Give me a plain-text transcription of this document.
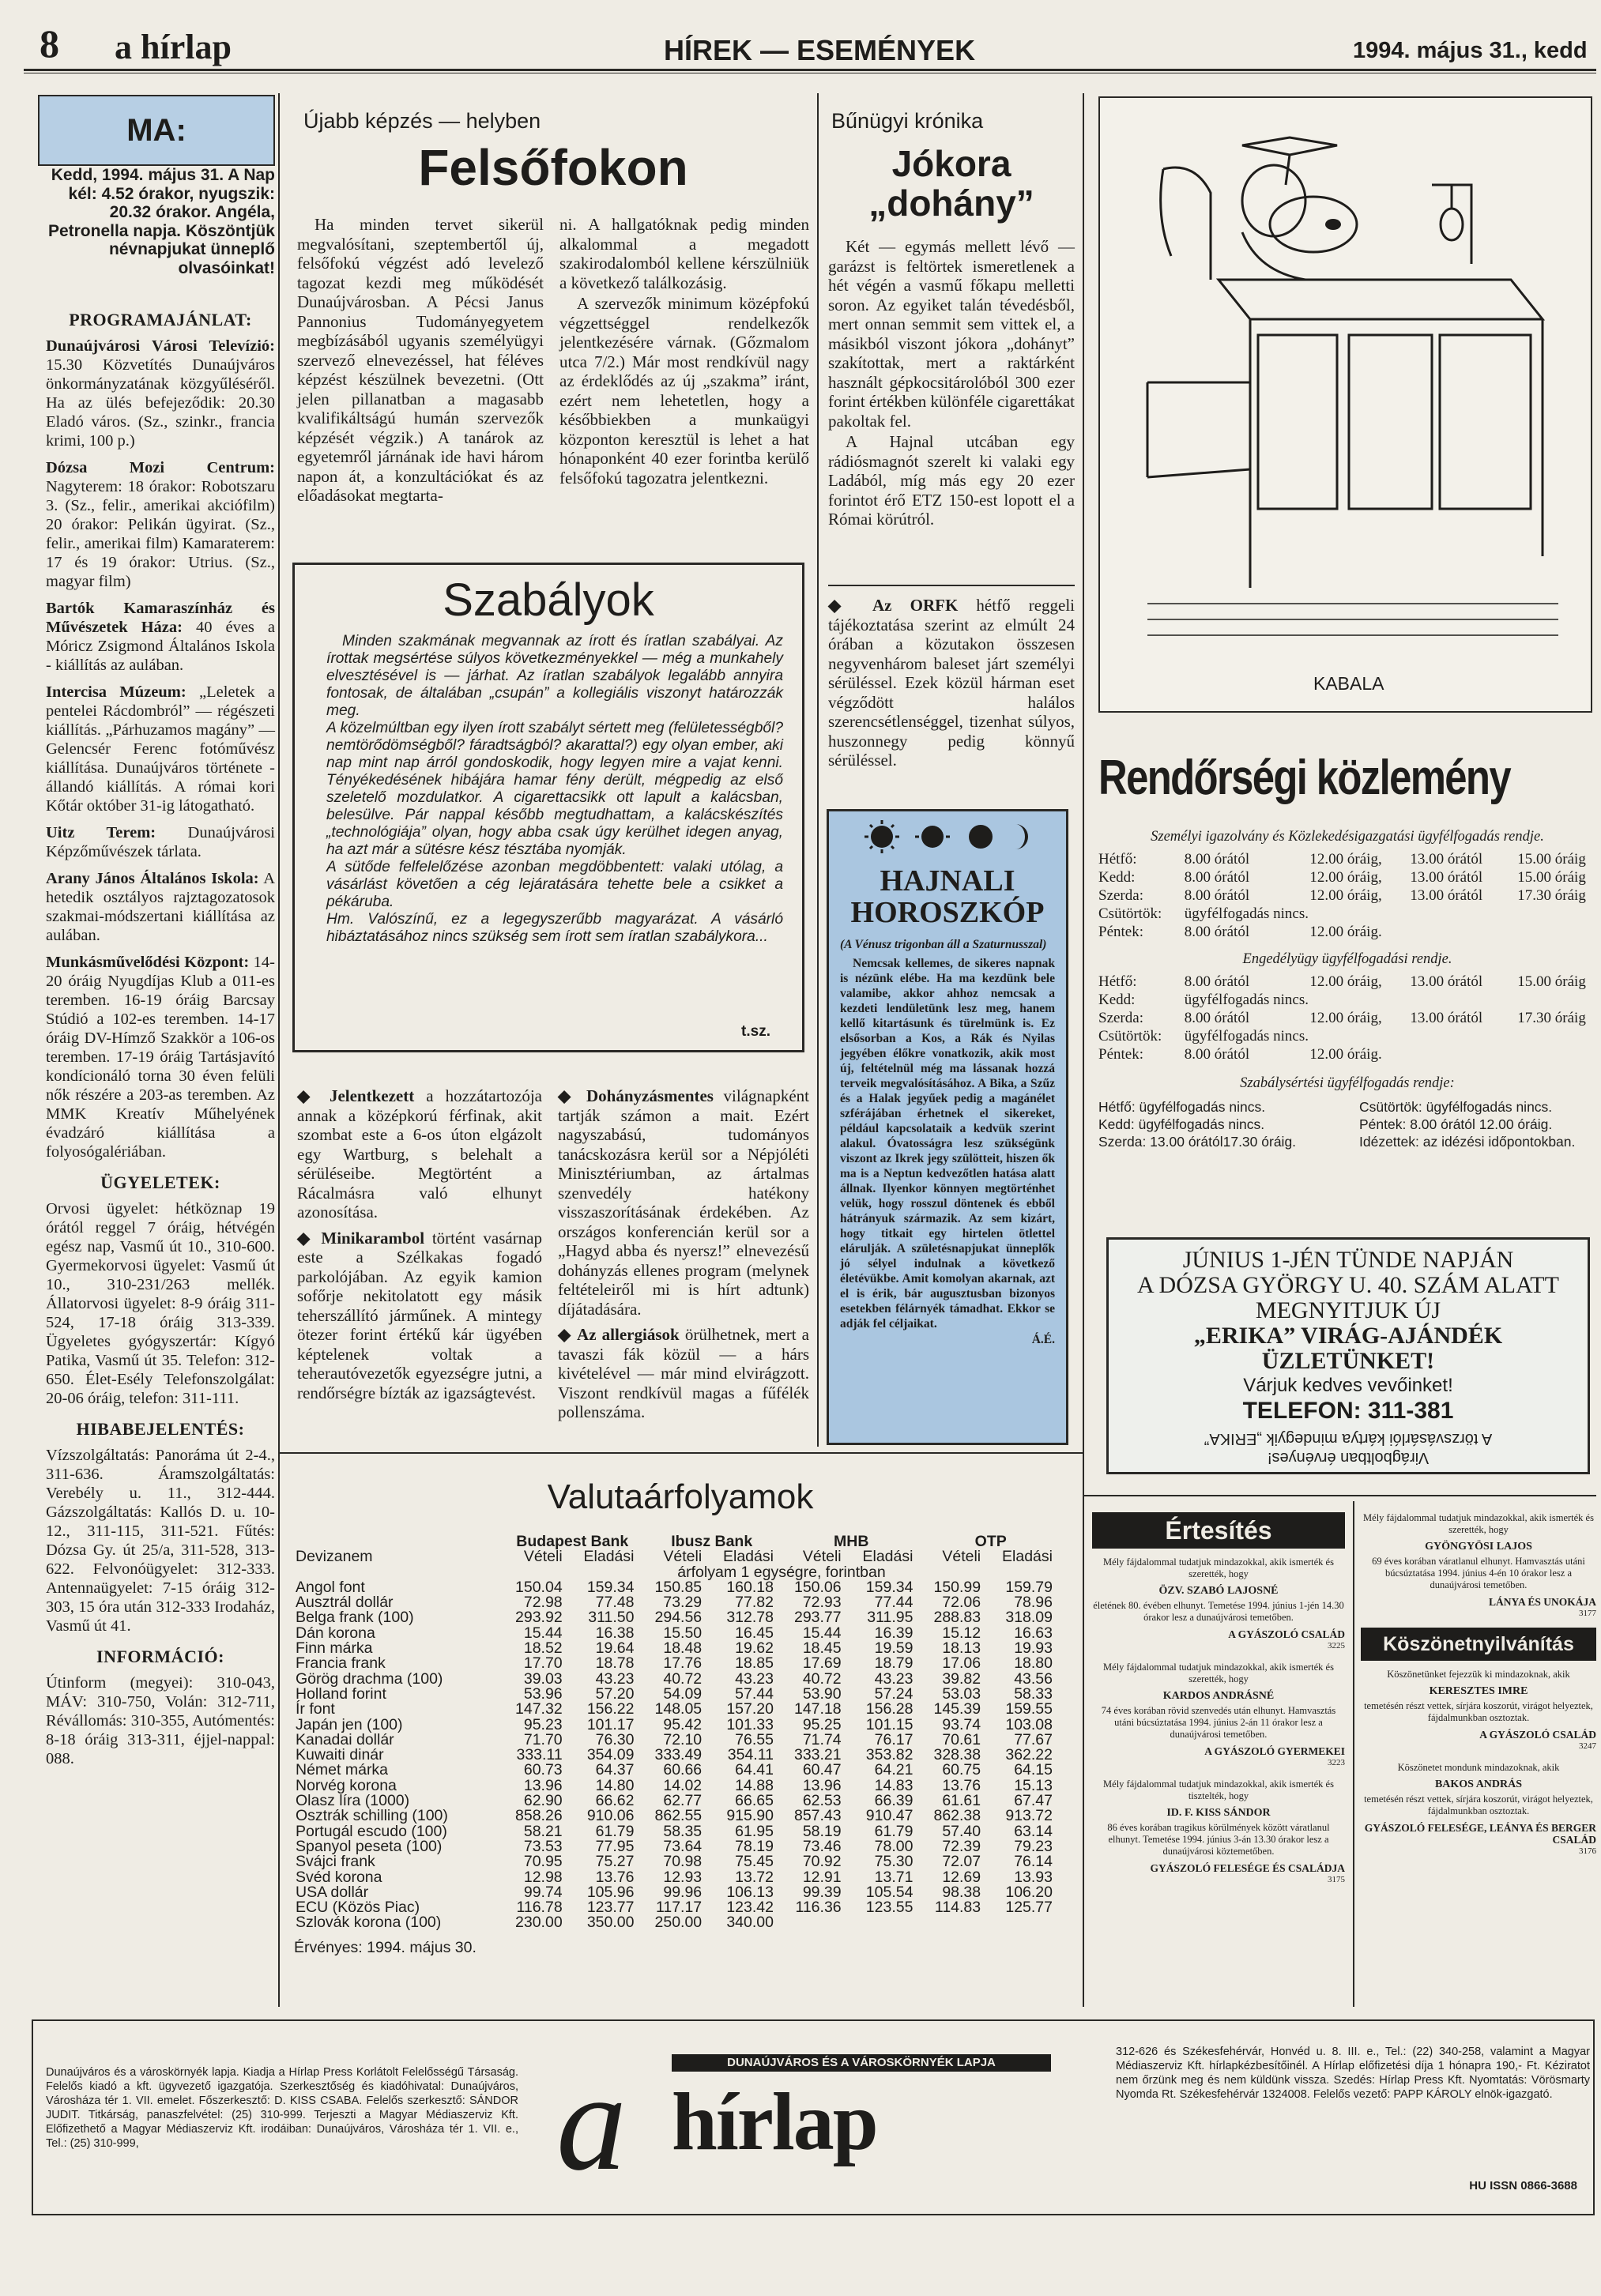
8 a hírlap	HÍREK — ESEMÉNYEK	1994. május 31., kedd
MA:
Kedd, 1994. május 31. A Nap kél: 4.52 órakor, nyugszik: 20.32 órakor. Angéla, Petronella napja. Köszöntjük névnapjukat ünneplő olvasóinkat!
PROGRAMAJÁNLAT:
Dunaújvárosi Városi Televízió: 15.30 Közvetítés Dunaújváros önkormányzatának közgyűléséről. Ha az ülés befejeződik: 20.30 Eladó város. (Sz., szinkr., francia krimi, 100 p.)
Dózsa Mozi Centrum: Nagyterem: 18 órakor: Robotszaru 3. (Sz., felir., amerikai akciófilm) 20 órakor: Pelikán ügyirat. (Sz., felir., amerikai film) Kamaraterem: 17 és 19 órakor: Utrius. (Sz., magyar film)
Bartók Kamaraszínház és Művészetek Háza: 40 éves a Móricz Zsigmond Általános Iskola - kiállítás az aulában.
Intercisa Múzeum: „Leletek a pentelei Rácdombról” — régészeti kiállítás. „Párhuzamos magány” — Gelencsér Ferenc fotóművész kiállítása. Dunaújváros története - állandó kiállítás. A római kori Kőtár október 31-ig látogatható.
Uitz Terem: Dunaújvárosi Képzőművészek tárlata.
Arany János Általános Iskola: A hetedik osztályos rajztagozatosok szakmai-módszertani kiállítása az aulában.
Munkásművelődési Központ: 14-20 óráig Nyugdíjas Klub a 011-es teremben. 16-19 óráig Barcsay Stúdió a 102-es teremben. 14-17 óráig DV-Hímző Szakkör a 106-os teremben. 17-19 óráig Tartásjavító kondícionáló torna 30 éven felüli nők részére a 203-as teremben. Az MMK Kreatív Műhelyének évadzáró kiállítása a folyosógalériában.
ÜGYELETEK:
Orvosi ügyelet: hétköznap 19 órától reggel 7 óráig, hétvégén egész nap, Vasmű út 10., 310-600. Gyermekorvosi ügyelet: Vasmű út 10., 310-231/263 mellék. Állatorvosi ügyelet: 8-9 óráig 311-524, 17-18 óráig 313-339. Ügyeletes gyógyszertár: Kígyó Patika, Vasmű út 35. Telefon: 312-650. Élet-Esély Telefonszolgálat: 20-06 óráig, telefon: 311-111.
HIBABEJELENTÉS:
Vízszolgáltatás: Panoráma út 2-4., 311-636. Áramszolgáltatás: Verebély u. 11., 312-444. Gázszolgáltatás: Kallós D. u. 10-12., 311-115, 311-521. Fűtés: Dózsa Gy. út 25/a, 311-528, 313-622. Felvonóügyelet: 312-333. Antennaügyelet: 7-15 óráig 312-303, 15 óra után 312-333 Irodaház, Vasmű út 41.
INFORMÁCIÓ:
Útinform (megyei): 310-043, MÁV: 310-750, Volán: 312-711, Révállomás: 310-355, Autómentés: 8-18 óráig 313-311, éjjel-nappal: 088.
Újabb képzés — helyben
Felsőfokon
Ha minden tervet sikerül megvalósítani, szeptembertől új, felsőfokú végzést adó levelező tagozat kezdi meg működését Dunaújvárosban. A Pécsi Janus Pannonius Tudományegyetem megbízásából ugyanis személyügyi szervező elnevezéssel, hat féléves képzést készülnek bevezetni. (Ott jelen pillanatban a magasabb kvalifikáltságú humán szervezők képzését végzik.) A tanárok az egyetemről járnának ide havi három napon át, a konzultációkat és az előadásokat megtarta-

ni. A hallgatóknak pedig minden alkalommal a megadott szakirodalomból kellene kérszülniük a következő találkozásig.

A szervezők minimum középfokú végzettséggel rendelkezők jelentkezésére várnak. (Gőzmalom utca 7/2.) Már most rendkívül nagy az érdeklődés az új „szakma” iránt, ezért nem lehetetlen, hogy a későbbiekben a munkaügyi központon keresztül is lehet a hat hónaponként 40 ezer forintba kerülő felsőfokú tagozatra jelentkezni.

Szabályok
Minden szakmának megvannak az írott és íratlan szabályai. Az írottak megsértése súlyos következményekkel — még a munkahely elvesztésével is — járhat. Az íratlan szabályok legalább annyira fontosak, de általában „csupán” a kollegiális viszonyt határozzák meg.
A közelmúltban egy ilyen írott szabályt sértett meg (felületességből? nemtörődömségből? fáradtságból? akarattal?) egy olyan ember, aki nap mint nap árról gondoskodik, hogy legyen mire a vajat kenni. Tényékedésének hibájára hamar fény derült, mégpedig az első szeletelő mozdulatkor. A cigarettacsikk ott lapult a kalácsban, belesülve. Pár nappal később megtudhattam, a kalácskészítés „technológiája” olyan, hogy abba csak úgy kerülhet idegen anyag, ha azt már a sütésre kész tésztába nyomják.
A sütőde felfelelőzése azonban megdöbbentett: valaki utólag, a vásárlást követően a cég lejáratására tehette bele a csikket a pékáruba.
Hm. Valószínű, ez a legegyszerűbb magyarázat. A vásárló hibáztatásához nincs szükség sem írott sem íratlan szabálykora...
t.sz.

◆ Jelentkezett a hozzátartozója annak a középkorú férfinak, akit szombat este a 6-os úton elgázolt egy Wartburg, s belehalt a sérüléseibe. Megtörtént a Rácalmásra való elhunyt azonosítása.

◆ Minikarambol történt vasárnap este a Szélkakas fogadó parkolójában. Az egyik kamion sofőrje nekitolatott egy másik teherszállító járműnek. A mintegy ötezer forint értékű kár ügyében képtelenek voltak a teherautóvezetők egyezségre jutni, a rendőrségre bízták az igazságtevést.

◆ Dohányzásmentes világnapként tartják számon a mait. Ezért nagyszabású, tudományos tanácskozásra kerül sor a Népjóléti Minisztériumban, az ártalmas szenvedély hatékony visszaszorításának érdekében. Az országos konferencián kerül sor a „Hagyd abba és nyersz!” elnevezésű dohányzás ellenes program (melynek feltételeiről mi is hírt adtunk) díjátadására.

◆ Az allergiások örülhetnek, mert a tavaszi fák közül — a hárs kivételével — már mind elvirágzott. Viszont rendkívül magas a fűfélék pollenszáma.

Bűnügyi krónika
Jókora „dohány”

Két — egymás mellett lévő — garázst is feltörtek ismeretlenek a hét végén a vasmű főkapu melletti soron. Az egyiket talán tévedésből, mert onnan semmit sem vittek el, a másikból viszont jókora „dohányt” szakítottak, mert a raktárként használt gépkocsitárolóból 300 ezer forint értékben különféle cigarettákat pakoltak fel.

A Hajnal utcában egy rádiósmagnót szerelt ki valaki egy Ladából, míg más egy 20 ezer forintot érő ETZ 150-est lopott el a Római körútról.

◆ Az ORFK hétfő reggeli tájékoztatása szerint az elmúlt 24 órában a közutakon összesen negyvenhárom baleset járt személyi sérüléssel. Ezek közül hárman eset végződött halálos szerencsétlenséggel, tizenhat súlyos, huszonnegy pedig könnyű sérüléssel.

HAJNALI
HOROSZKÓP
(A Vénusz trigonban áll a Szaturnusszal)
Nemcsak kellemes, de sikeres napnak is nézünk elébe. Ha ma kezdünk bele valamibe, akkor ahhoz nemcsak a kezdeti lendületünk lesz meg, hanem kellő kitartásunk és türelmünk is. Ez elsősorban a Kos, a Rák és Nyilas jegyében élőkre vonatkozik, akik most új, feltételnül még ma lássanak hozzá terveik megvalósításához. A Bika, a Szűz és a Halak jegyűek pedig a magánélet szférájában érhetnek el sikereket, például kapcsolataik a kedvük szerint alakul. Óvatosságra lesz szükségünk viszont az Ikrek jegy szülötteit, hiszen ők ma is a Neptun kedvezőtlen hatása alatt állnak. Ilyenkor könnyen megtörténhet velük, hogy rosszul döntenek és ebből hátrányuk származik. Az sem kizárt, hogy titkait egy hirtelen ötlettel elárulják. A születésnapjukat ünneplők jó sélyel indulnak a következő életévükbe. Amit komolyan akarnak, azt el is érik, bár augusztusban bizonyos esetekben félárnyék támadhat. Ekkor se adják fel céljaikat.
Á.É.
Valutaárfolyamok
	Budapest Bank		Ibusz Bank		MHB		OTP	
Devizanem	Vételi	Eladási	Vételi	Eladási	Vételi	Eladási	Vételi	Eladási
	árfolyam 1 egységre, forintban							
Angol font	150.04	159.34	150.85	160.18	150.06	159.34	150.99	159.79
Ausztrál dollár	72.98	77.48	73.29	77.82	72.93	77.44	72.06	78.96
Belga frank (100)	293.92	311.50	294.56	312.78	293.77	311.95	288.83	318.09
Dán korona	15.44	16.38	15.50	16.45	15.44	16.39	15.12	16.63
Finn márka	18.52	19.64	18.48	19.62	18.45	19.59	18.13	19.93
Francia frank	17.70	18.78	17.76	18.85	17.69	18.79	17.06	18.80
Görög drachma (100)	39.03	43.23	40.72	43.23	40.72	43.23	39.82	43.56
Holland forint	53.96	57.20	54.09	57.44	53.90	57.24	53.03	58.33
Ír font	147.32	156.22	148.05	157.20	147.18	156.28	145.39	159.55
Japán jen (100)	95.23	101.17	95.42	101.33	95.25	101.15	93.74	103.08
Kanadai dollár	71.70	76.30	72.10	76.55	71.74	76.17	70.61	77.67
Kuwaiti dinár	333.11	354.09	333.49	354.11	333.21	353.82	328.38	362.22
Német márka	60.73	64.37	60.66	64.41	60.47	64.21	60.75	64.15
Norvég korona	13.96	14.80	14.02	14.88	13.96	14.83	13.76	15.13
Olasz líra (1000)	62.90	66.62	62.77	66.65	62.53	66.39	61.61	67.47
Osztrák schilling (100)	858.26	910.06	862.55	915.90	857.43	910.47	862.38	913.72
Portugál escudo (100)	58.21	61.79	58.35	61.95	58.19	61.79	57.40	63.14
Spanyol peseta (100)	73.53	77.95	73.64	78.19	73.46	78.00	72.39	79.23
Svájci frank	70.95	75.27	70.98	75.45	70.92	75.30	72.07	76.14
Svéd korona	12.98	13.76	12.93	13.72	12.91	13.71	12.69	13.93
USA dollár	99.74	105.96	99.96	106.13	99.39	105.54	98.38	106.20
ECU (Közös Piac)	116.78	123.77	117.17	123.42	116.36	123.55	114.83	125.77
Szlovák korona (100)	230.00	350.00	250.00	340.00				
Érvényes: 1994. május 30.
KABALA
Rendőrségi közlemény
Személyi igazolvány és Közlekedésigazgatási ügyfélfogadás rendje.
Hétfő:	8.00 órától	12.00 óráig,	13.00 órától	15.00 óráig
Kedd:	8.00 órától	12.00 óráig,	13.00 órától	15.00 óráig
Szerda:	8.00 órától	12.00 óráig,	13.00 órától	17.30 óráig
Csütörtök:	ügyfélfogadás nincs.
Péntek:	8.00 órától	12.00 óráig.
Engedélyügy ügyfélfogadási rendje.
Hétfő:	8.00 órától	12.00 óráig,	13.00 órától	15.00 óráig
Kedd:	ügyfélfogadás nincs.
Szerda:	8.00 órától	12.00 óráig,	13.00 órától	17.30 óráig
Csütörtök:	ügyfélfogadás nincs.
Péntek:	8.00 órától	12.00 óráig.
Szabálysértési ügyfélfogadás rendje:
Hétfő: ügyfélfogadás nincs.
Kedd: ügyfélfogadás nincs.
Szerda: 13.00 órától17.30 óráig.
Csütörtök: ügyfélfogadás nincs.
Péntek: 8.00 órától 12.00 óráig.
Idézettek: az idézési időpontokban.
JÚNIUS 1-JÉN TÜNDE NAPJÁN
A DÓZSA GYÖRGY U. 40. SZÁM ALATT
MEGNYITJUK ÚJ
„ERIKA” VIRÁG-AJÁNDÉK ÜZLETÜNKET!
Várjuk kedves vevőinket!
TELEFON: 311-381
Virágboltban érvényes!
A törzsvásárlói kártya mindegyik „ERIKA”
Értesítés
Mély fájdalommal tudatjuk mindazokkal, akik ismerték és szerették, hogy
ÖZV. SZABÓ LAJOSNÉ
életének 80. évében elhunyt. Temetése 1994. június 1-jén 14.30 órakor lesz a dunaújvárosi temetőben.
A GYÁSZOLÓ CSALÁD
3225
Mély fájdalommal tudatjuk mindazokkal, akik ismerték és szerették, hogy
KARDOS ANDRÁSNÉ
74 éves korában rövid szenvedés után elhunyt. Hamvasztás utáni búcsúztatása 1994. június 2-án 11 órakor lesz a dunaújvárosi temetőben.
A GYÁSZOLÓ GYERMEKEI
3223
Mély fájdalommal tudatjuk mindazokkal, akik ismerték és tisztelték, hogy
ID. F. KISS SÁNDOR
86 éves korában tragikus körülmények között váratlanul elhunyt. Temetése 1994. június 3-án 13.30 órakor lesz a dunaújvárosi köztemetőben.
GYÁSZOLÓ FELESÉGE ÉS CSALÁDJA
3175
Mély fájdalommal tudatjuk mindazokkal, akik ismerték és szerették, hogy
GYÖNGYÖSI LAJOS
69 éves korában váratlanul elhunyt. Hamvasztás utáni búcsúztatása 1994. június 4-én 10 órakor lesz a dunaújvárosi temetőben.
LÁNYA ÉS UNOKÁJA
3177
Köszönetnyilvánítás
Köszönetünket fejezzük ki mindazoknak, akik
KERESZTES IMRE
temetésén részt vettek, sírjára koszorút, virágot helyeztek, fájdalmunkban osztoztak.
A GYÁSZOLÓ CSALÁD
3247
Köszönetet mondunk mindazoknak, akik
BAKOS ANDRÁS
temetésén részt vettek, sírjára koszorút, virágot helyeztek, fájdalmunkban osztoztak.
GYÁSZOLÓ FELESÉGE, LEÁNYA ÉS BERGER CSALÁD
3176
Dunaújváros és a városkörnyék lapja. Kiadja a Hírlap Press Korlátolt Felelősségű Társaság. Felelős kiadó a kft. ügyvezető igazgatója. Szerkesztőség és kiadóhivatal: Dunaújváros, Városháza tér 1. VII. emelet. Főszerkesztő: D. KISS CSABA. Felelős szerkesztő: SÁNDOR JUDIT. Titkárság, panaszfelvétel: (25) 310-999. Terjeszti a Magyar Médiaszerviz Kft. Előfizethető a Magyar Médiaszerviz Kft. irodáiban: Dunaújváros, Városháza tér 1. VII. e., Tel.: (25) 310-999,
DUNAÚJVÁROS ÉS A VÁROSKÖRNYÉK LAPJA
a hírlap
312-626 és Székesfehérvár, Honvéd u. 8. III. e., Tel.: (22) 340-258, valamint a Magyar Médiaszerviz Kft. hírlapkézbesítőinél. A Hírlap előfizetési díja 1 hónapra 190,- Ft. Kéziratot nem őrzünk meg és nem küldünk vissza. Szedés: Hírlap Press Kft. Nyomtatás: Vörösmarty Nyomda Rt. Székesfehérvár 1324008. Felelős vezető: PAPP KÁROLY elnök-igazgató.
HU ISSN 0866-3688
